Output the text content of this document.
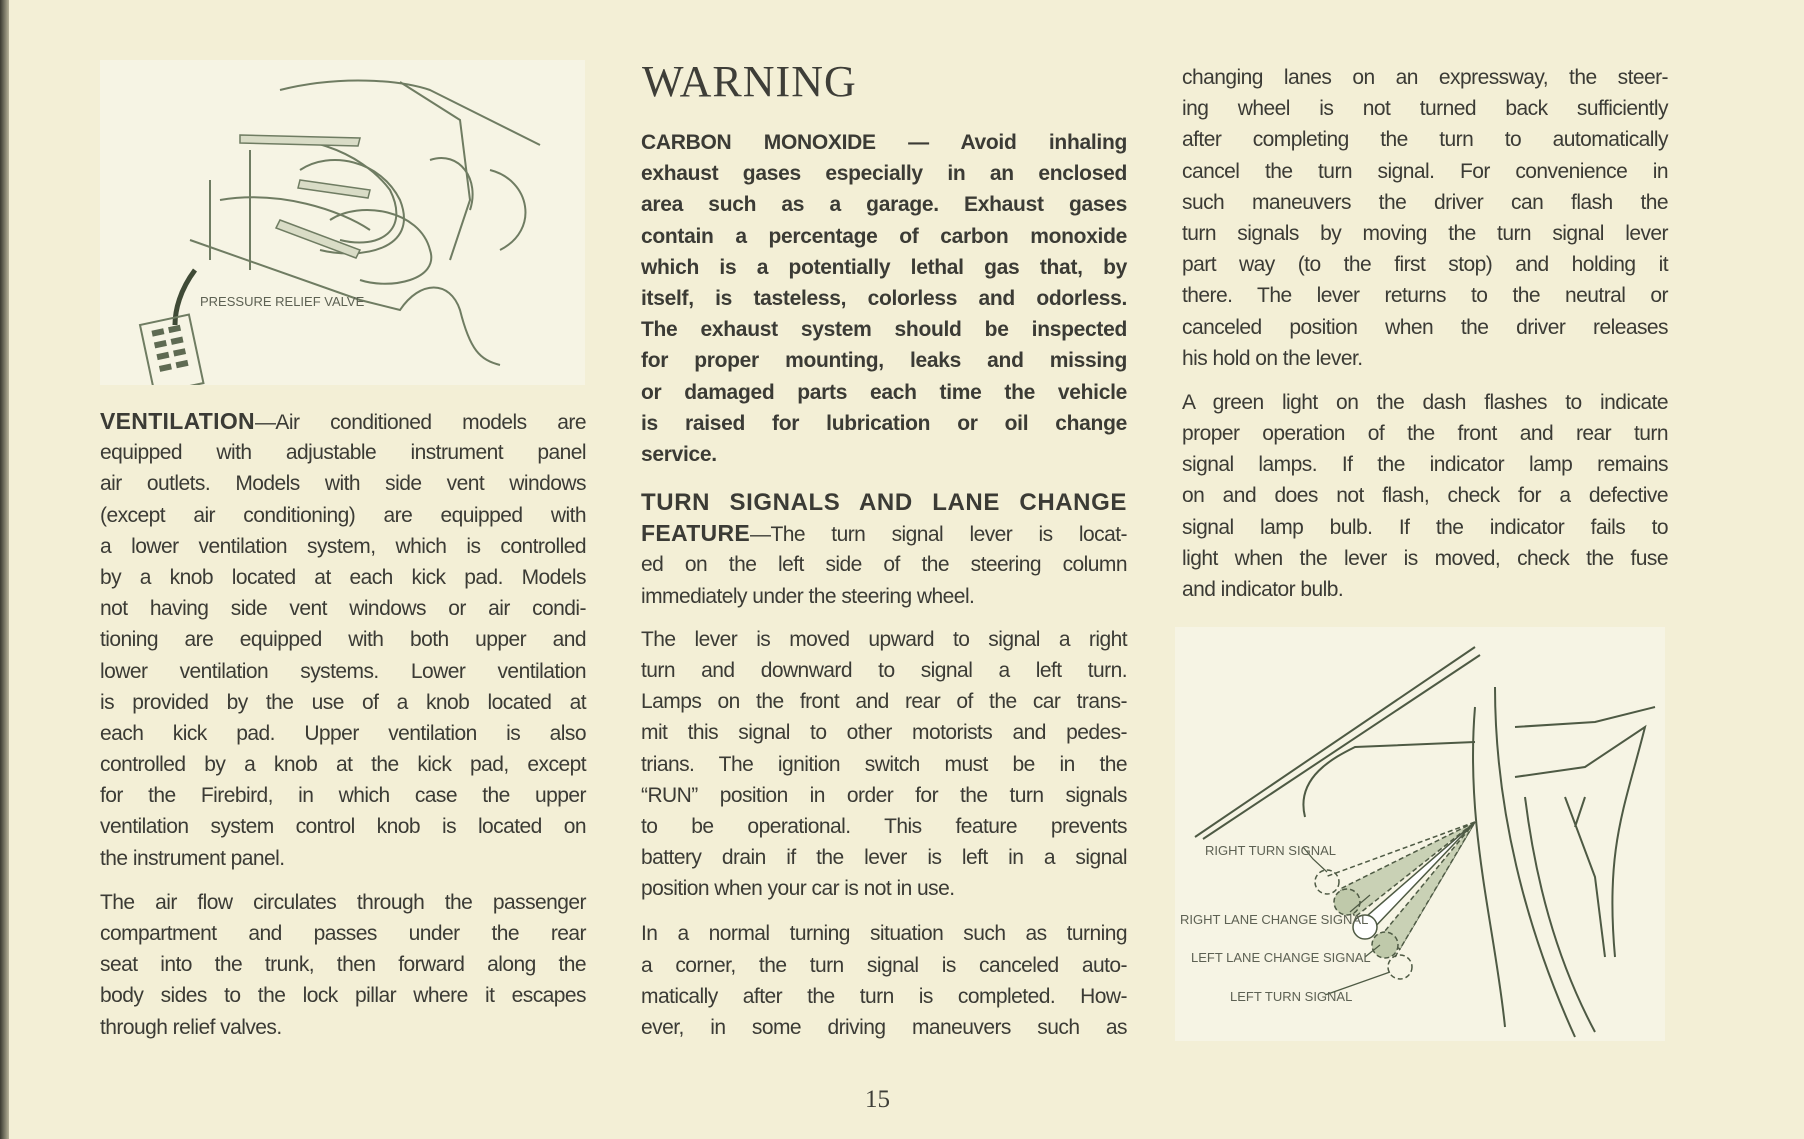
PRESSURE RELIEF VALVE
RIGHT TURN SIGNAL
RIGHT LANE CHANGE SIGNAL
LEFT LANE CHANGE SIGNAL
LEFT TURN SIGNAL
VENTILATION—Air conditioned models are
equipped with adjustable instrument panel
air outlets. Models with side vent windows
(except air conditioning) are equipped with
a lower ventilation system, which is controlled
by a knob located at each kick pad. Models
not having side vent windows or air condi-
tioning are equipped with both upper and
lower ventilation systems. Lower ventilation
is provided by the use of a knob located at
each kick pad. Upper ventilation is also
controlled by a knob at the kick pad, except
for the Firebird, in which case the upper
ventilation system control knob is located on
the instrument panel.
The air flow circulates through the passenger
compartment and passes under the rear
seat into the trunk, then forward along the
body sides to the lock pillar where it escapes
through relief valves.
WARNING
CARBON MONOXIDE — Avoid inhaling
exhaust gases especially in an enclosed
area such as a garage. Exhaust gases
contain a percentage of carbon monoxide
which is a potentially lethal gas that, by
itself, is tasteless, colorless and odorless.
The exhaust system should be inspected
for proper mounting, leaks and missing
or damaged parts each time the vehicle
is raised for lubrication or oil change
service.
TURN SIGNALS AND LANE CHANGE
FEATURE—The turn signal lever is locat-
ed on the left side of the steering column
immediately under the steering wheel.
The lever is moved upward to signal a right
turn and downward to signal a left turn.
Lamps on the front and rear of the car trans-
mit this signal to other motorists and pedes-
trians. The ignition switch must be in the
“RUN” position in order for the turn signals
to be operational. This feature prevents
battery drain if the lever is left in a signal
position when your car is not in use.
In a normal turning situation such as turning
a corner, the turn signal is canceled auto-
matically after the turn is completed. How-
ever, in some driving maneuvers such as
changing lanes on an expressway, the steer-
ing wheel is not turned back sufficiently
after completing the turn to automatically
cancel the turn signal. For convenience in
such maneuvers the driver can flash the
turn signals by moving the turn signal lever
part way (to the first stop) and holding it
there. The lever returns to the neutral or
canceled position when the driver releases
his hold on the lever.
A green light on the dash flashes to indicate
proper operation of the front and rear turn
signal lamps. If the indicator lamp remains
on and does not flash, check for a defective
signal lamp bulb. If the indicator fails to
light when the lever is moved, check the fuse
and indicator bulb.
15
